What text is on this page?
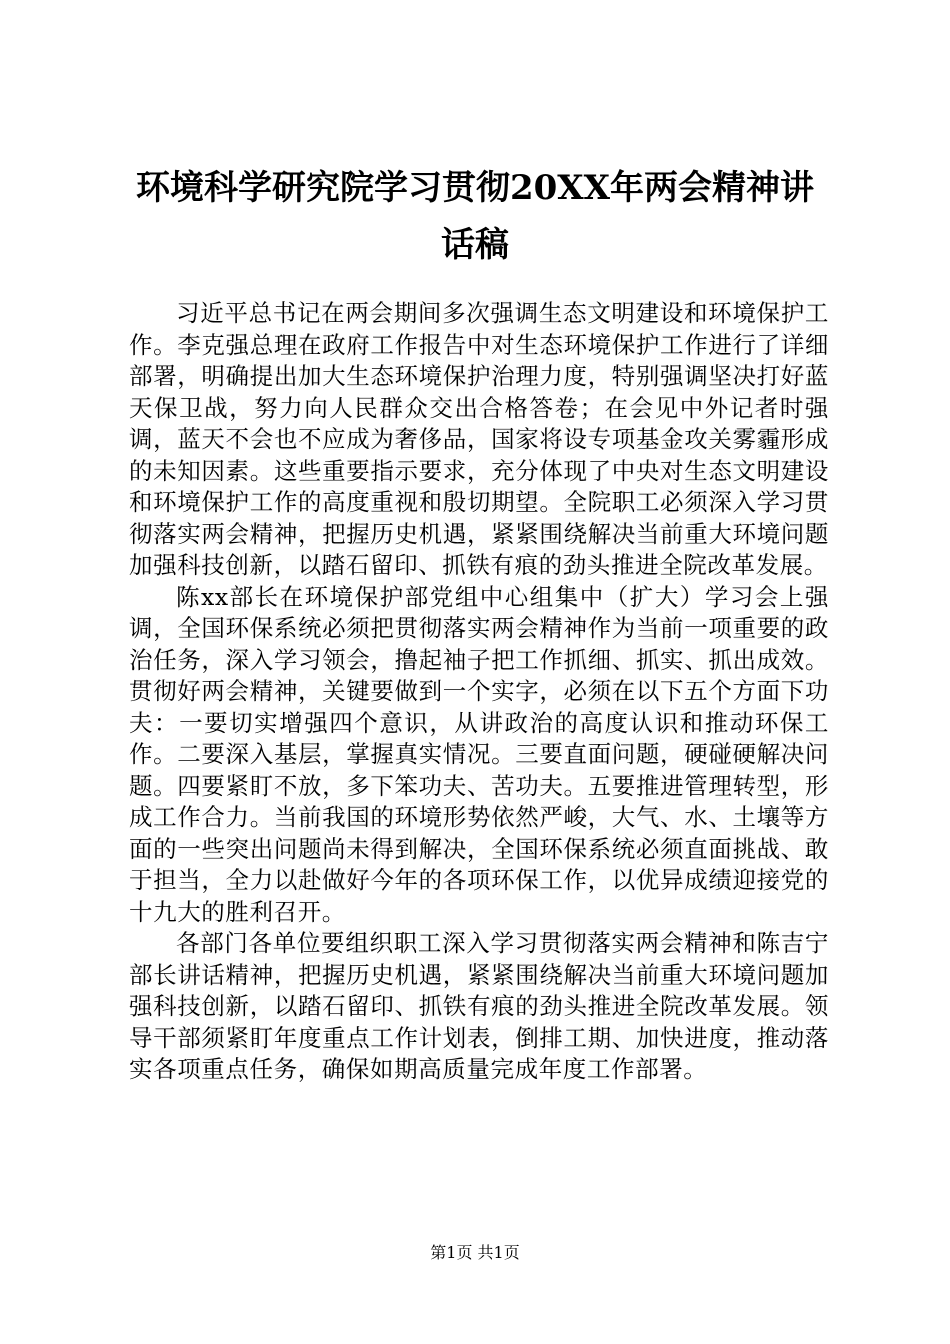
环境科学研究院学习贯彻20XX年两会精神讲话稿

习近平总书记在两会期间多次强调生态文明建设和环境保护工作。李克强总理在政府工作报告中对生态环境保护工作进行了详细部署，明确提出加大生态环境保护治理力度，特别强调坚决打好蓝天保卫战，努力向人民群众交出合格答卷；在会见中外记者时强调，蓝天不会也不应成为奢侈品，国家将设专项基金攻关雾霾形成的未知因素。这些重要指示要求，充分体现了中央对生态文明建设和环境保护工作的高度重视和殷切期望。全院职工必须深入学习贯彻落实两会精神，把握历史机遇，紧紧围绕解决当前重大环境问题加强科技创新，以踏石留印、抓铁有痕的劲头推进全院改革发展。

陈xx部长在环境保护部党组中心组集中（扩大）学习会上强调，全国环保系统必须把贯彻落实两会精神作为当前一项重要的政治任务，深入学习领会，撸起袖子把工作抓细、抓实、抓出成效。贯彻好两会精神，关键要做到一个实字，必须在以下五个方面下功夫：一要切实增强四个意识，从讲政治的高度认识和推动环保工作。二要深入基层，掌握真实情况。三要直面问题，硬碰硬解决问题。四要紧盯不放，多下笨功夫、苦功夫。五要推进管理转型，形成工作合力。当前我国的环境形势依然严峻，大气、水、土壤等方面的一些突出问题尚未得到解决，全国环保系统必须直面挑战、敢于担当，全力以赴做好今年的各项环保工作，以优异成绩迎接党的十九大的胜利召开。

各部门各单位要组织职工深入学习贯彻落实两会精神和陈吉宁部长讲话精神，把握历史机遇，紧紧围绕解决当前重大环境问题加强科技创新，以踏石留印、抓铁有痕的劲头推进全院改革发展。领导干部须紧盯年度重点工作计划表，倒排工期、加快进度，推动落实各项重点任务，确保如期高质量完成年度工作部署。

第1页 共1页
